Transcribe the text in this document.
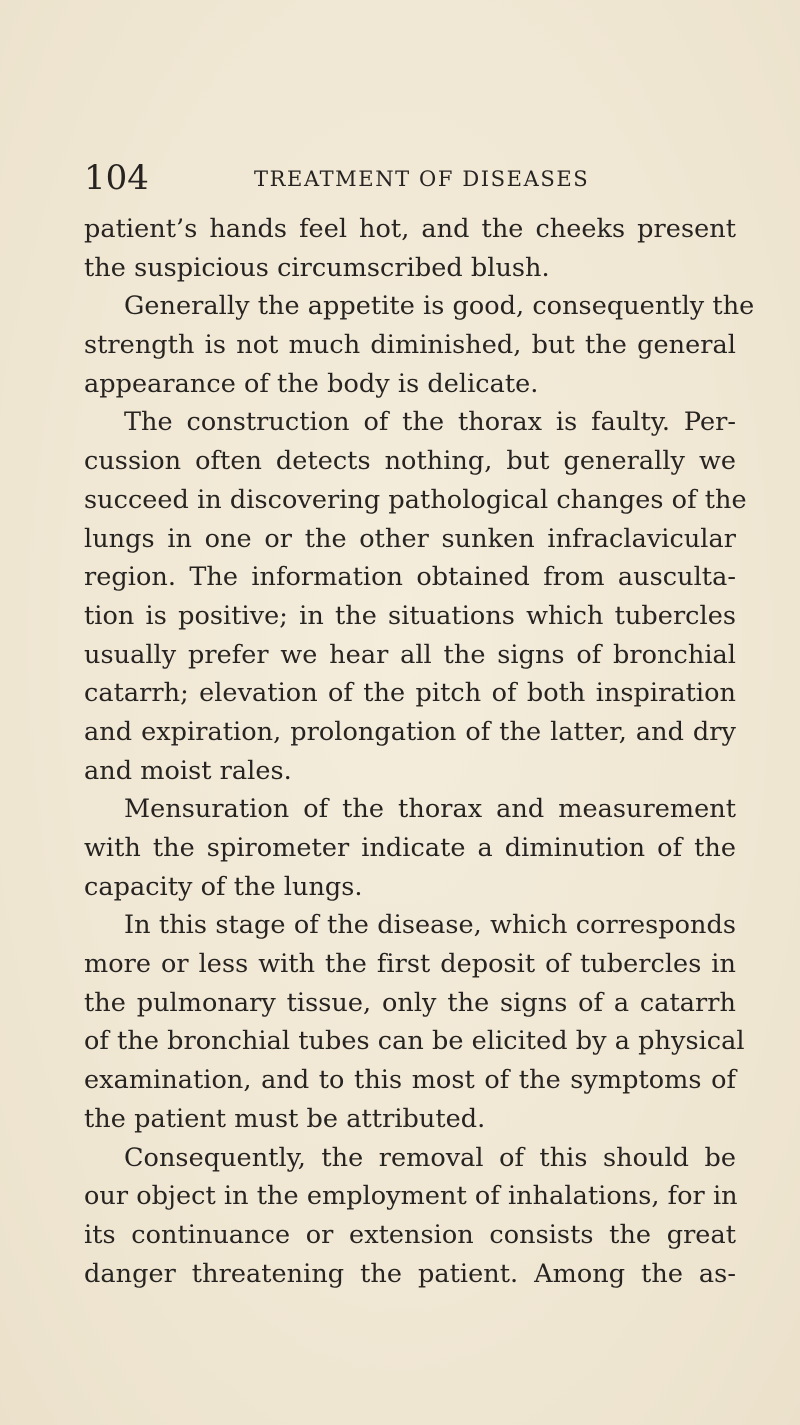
104	TREATMENT OF DISEASES
patient’s hands feel hot, and the cheeks present
the suspicious circumscribed blush.
Generally the appetite is good, consequently the
strength is not much diminished, but the general
appearance of the body is delicate.
The construction of the thorax is faulty. Per-
cussion often detects nothing, but generally we
succeed in discovering pathological changes of the
lungs in one or the other sunken infraclavicular
region. The information obtained from ausculta-
tion is positive; in the situations which tubercles
usually prefer we hear all the signs of bronchial
catarrh; elevation of the pitch of both inspiration
and expiration, prolongation of the latter, and dry
and moist rales.
Mensuration of the thorax and measurement
with the spirometer indicate a diminution of the
capacity of the lungs.
In this stage of the disease, which corresponds
more or less with the first deposit of tubercles in
the pulmonary tissue, only the signs of a catarrh
of the bronchial tubes can be elicited by a physical
examination, and to this most of the symptoms of
the patient must be attributed.
Consequently, the removal of this should be
our object in the employment of inhalations, for in
its continuance or extension consists the great
danger threatening the patient. Among the as-
